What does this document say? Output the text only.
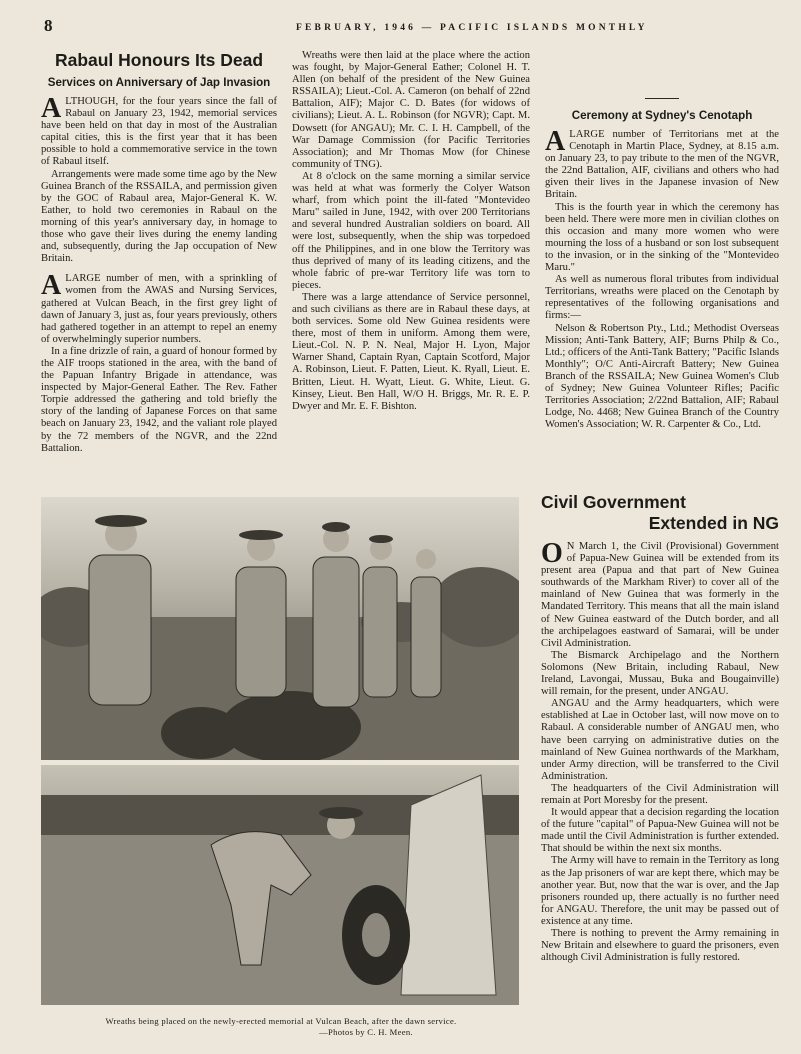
8	FEBRUARY, 1946 — PACIFIC ISLANDS MONTHLY
Rabaul Honours Its Dead
Services on Anniversary of Jap Invasion

ALTHOUGH, for the four years since the fall of Rabaul on January 23, 1942, memorial services have been held on that day in most of the Australian capital cities, this is the first year that it has been possible to hold a commemorative service in the town of Rabaul itself.

Arrangements were made some time ago by the New Guinea Branch of the RSSAILA, and permission given by the GOC of Rabaul area, Major-General K. W. Eather, to hold two ceremonies in Rabaul on the morning of this year's anniversary day, in homage to those who gave their lives during the enemy landing and, subsequently, during the Jap occupation of New Britain.

ALARGE number of men, with a sprinkling of women from the AWAS and Nursing Services, gathered at Vulcan Beach, in the first grey light of dawn of January 3, just as, four years previously, others had gathered together in an attempt to repel an enemy of overwhelmingly superior numbers.

In a fine drizzle of rain, a guard of honour formed by the AIF troops stationed in the area, with the band of the Papuan Infantry Brigade in attendance, was inspected by Major-General Eather. The Rev. Father Torpie addressed the gathering and told briefly the story of the landing of Japanese Forces on that same beach on January 23, 1942, and the valiant role played by the 72 members of the NGVR, and the 22nd Battalion.

Wreaths were then laid at the place where the action was fought, by Major-General Eather; Colonel H. T. Allen (on behalf of the president of the New Guinea RSSAILA); Lieut.-Col. A. Cameron (on behalf of 22nd Battalion, AIF); Major C. D. Bates (for widows of civilians); Lieut. A. L. Robinson (for NGVR); Capt. M. Dowsett (for ANGAU); Mr. C. I. H. Campbell, of the War Damage Commission (for Pacific Territories Association); and Mr Thomas Mow (for Chinese community of TNG).

At 8 o'clock on the same morning a similar service was held at what was formerly the Colyer Watson wharf, from which point the ill-fated "Montevideo Maru" sailed in June, 1942, with over 200 Territorians and several hundred Australian soldiers on board. All were lost, subsequently, when the ship was torpedoed off the Philippines, and in one blow the Territory was thus deprived of many of its leading citizens, and the whole fabric of pre-war Territory life was torn to pieces.

There was a large attendance of Service personnel, and such civilians as there are in Rabaul these days, at both services. Some old New Guinea residents were there, most of them in uniform. Among them were, Lieut.-Col. N. P. N. Neal, Major H. Lyon, Major Warner Shand, Captain Ryan, Captain Scotford, Major A. Robinson, Lieut. F. Patten, Lieut. K. Ryall, Lieut. E. Britten, Lieut. H. Wyatt, Lieut. G. White, Lieut. G. Kinsey, Lieut. Ben Hall, W/O H. Briggs, Mr. R. E. P. Dwyer and Mr. E. F. Bishton.

Ceremony at Sydney's Cenotaph

ALARGE number of Territorians met at the Cenotaph in Martin Place, Sydney, at 8.15 a.m. on January 23, to pay tribute to the men of the NGVR, the 22nd Battalion, AIF, civilians and others who had given their lives in the Japanese invasion of New Britain.

This is the fourth year in which the ceremony has been held. There were more men in civilian clothes on this occasion and many more women who were mourning the loss of a husband or son lost subsequent to the invasion, or in the sinking of the "Montevideo Maru."

As well as numerous floral tributes from individual Territorians, wreaths were placed on the Cenotaph by representatives of the following organisations and firms:—

Nelson & Robertson Pty., Ltd.; Methodist Overseas Mission; Anti-Tank Battery, AIF; Burns Philp & Co., Ltd.; officers of the Anti-Tank Battery; "Pacific Islands Monthly"; O/C Anti-Aircraft Battery; New Guinea Branch of the RSSAILA; New Guinea Women's Club of Sydney; New Guinea Volunteer Rifles; Pacific Territories Association; 2/22nd Battalion, AIF; Rabaul Lodge, No. 4468; New Guinea Branch of the Country Women's Association; W. R. Carpenter & Co., Ltd.

Civil Government
Extended in NG

O N March 1, the Civil (Provisional) Government of Papua-New Guinea will be extended from its present area (Papua and that part of New Guinea southwards of the Markham River) to cover all of the mainland of New Guinea that was formerly in the Mandated Territory. This means that all the main island of New Guinea eastward of the Dutch border, and all the archipelagoes eastward of Samarai, will be under Civil Administration.

The Bismarck Archipelago and the Northern Solomons (New Britain, including Rabaul, New Ireland, Lavongai, Mussau, Buka and Bougainville) will remain, for the present, under ANGAU.

ANGAU and the Army headquarters, which were established at Lae in October last, will now move on to Rabaul. A considerable number of ANGAU men, who have been carrying on administrative duties on the mainland of New Guinea northwards of the Markham, under Army direction, will be transferred to the Civil Administration.

The headquarters of the Civil Administration will remain at Port Moresby for the present.

It would appear that a decision regarding the location of the future "capital" of Papua-New Guinea will not be made until the Civil Administration is further extended. That should be within the next six months.

The Army will have to remain in the Territory as long as the Jap prisoners of war are kept there, which may be another year. But, now that the war is over, and the Jap prisoners rounded up, there actually is no further need for ANGAU. Therefore, the unit may be passed out of existence at any time.

There is nothing to prevent the Army remaining in New Britain and elsewhere to guard the prisoners, even although Civil Administration is fully restored.

Wreaths being placed on the newly-erected memorial at Vulcan Beach, after the dawn service.
—Photos by C. H. Meen.
